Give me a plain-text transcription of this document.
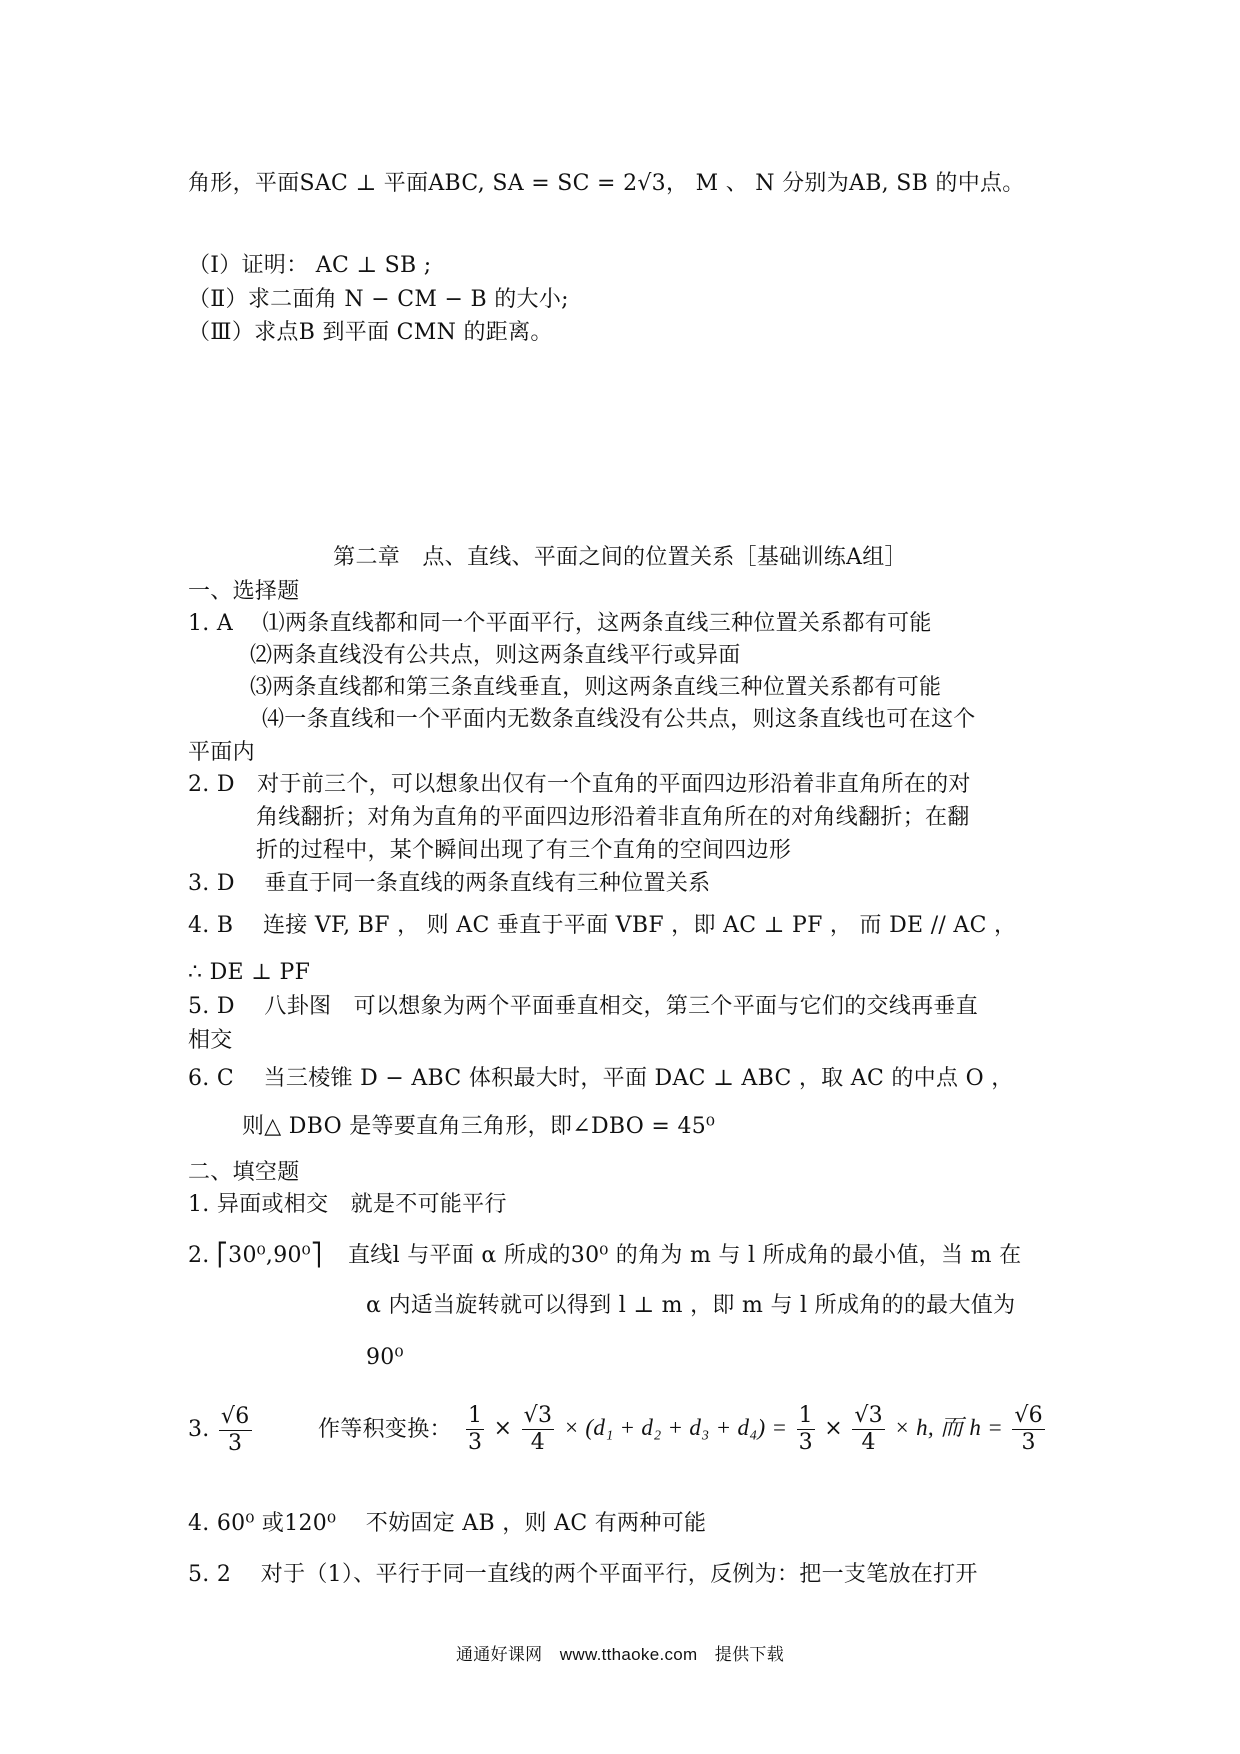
角形，平面SAC ⊥ 平面ABC, SA = SC = 2√3， M 、 N 分别为AB, SB 的中点。
（Ⅰ）证明： AC ⊥ SB ;
（Ⅱ）求二面角 N − CM − B 的大小;
（Ⅲ）求点B 到平面 CMN 的距离。
第二章　点、直线、平面之间的位置关系［基础训练A组］
一、选择题
1. A　 ⑴两条直线都和同一个平面平行，这两条直线三种位置关系都有可能
⑵两条直线没有公共点，则这两条直线平行或异面
⑶两条直线都和第三条直线垂直，则这两条直线三种位置关系都有可能
⑷一条直线和一个平面内无数条直线没有公共点，则这条直线也可在这个
平面内
2. D　对于前三个，可以想象出仅有一个直角的平面四边形沿着非直角所在的对
角线翻折；对角为直角的平面四边形沿着非直角所在的对角线翻折；在翻
折的过程中，某个瞬间出现了有三个直角的空间四边形
3. D　 垂直于同一条直线的两条直线有三种位置关系
4. B　 连接 VF, BF ， 则 AC 垂直于平面 VBF ，即 AC ⊥ PF ， 而 DE // AC ，
∴ DE ⊥ PF
5. D　 八卦图　可以想象为两个平面垂直相交，第三个平面与它们的交线再垂直
相交
6. C　 当三棱锥 D − ABC 体积最大时，平面 DAC ⊥ ABC ，取 AC 的中点 O ，
则△ DBO 是等要直角三角形，即∠DBO = 45⁰
二、填空题
1. 异面或相交　就是不可能平行
2. ⎡30⁰,90⁰⎤ 直线l 与平面 α 所成的30⁰ 的角为 m 与 l 所成角的最小值，当 m 在
α 内适当旋转就可以得到 l ⊥ m ，即 m 与 l 所成角的的最大值为
90⁰
3. $\frac{√6}{3}$	作等积变换： $\frac{1}{3} \times \frac{√3}{4} \times (d_1 + d_2 + d_3 + d_4) = \frac{1}{3} \times \frac{√3}{4} \times h$, 而 $h = \frac{√6}{3}$
4. 60⁰ 或120⁰　 不妨固定 AB ，则 AC 有两种可能
5. 2　 对于（1）、平行于同一直线的两个平面平行，反例为：把一支笔放在打开
通通好课网　www.tthaoke.com　提供下载
